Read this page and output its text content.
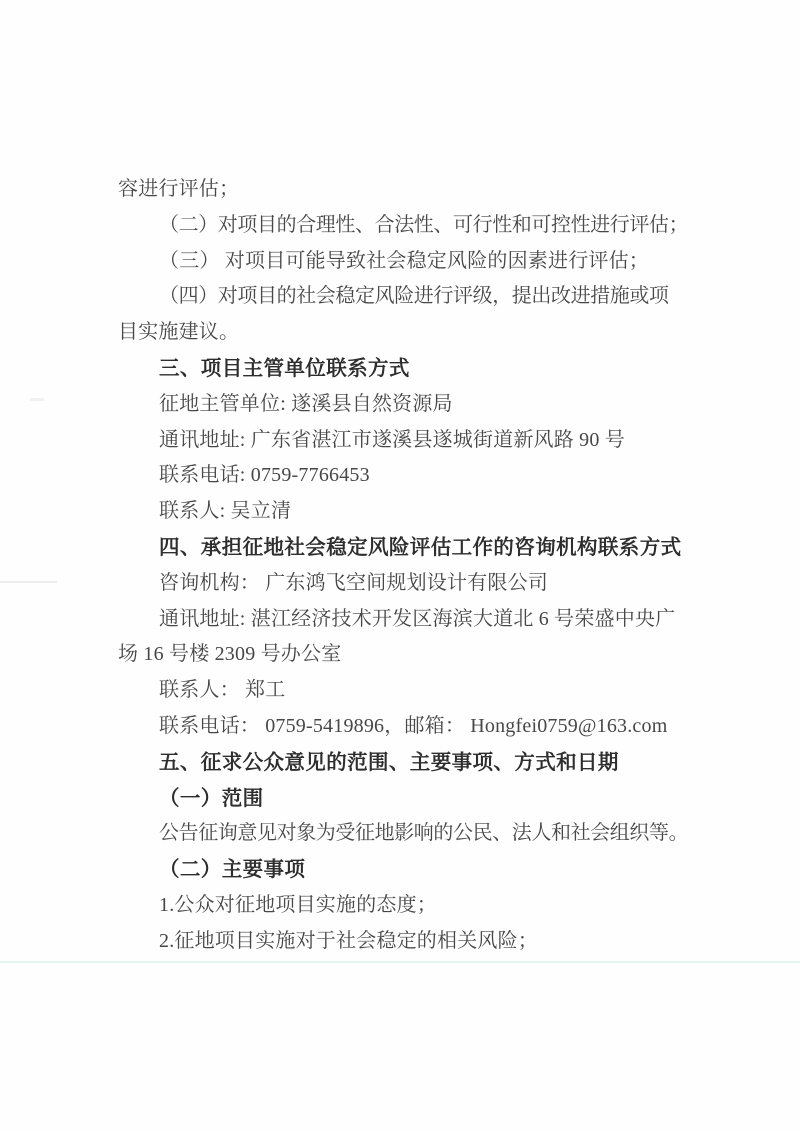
容进行评估；
（二）对项目的合理性、合法性、可行性和可控性进行评估；
（三） 对项目可能导致社会稳定风险的因素进行评估；
（四）对项目的社会稳定风险进行评级，提出改进措施或项
目实施建议。
三、项目主管单位联系方式
征地主管单位: 遂溪县自然资源局
通讯地址: 广东省湛江市遂溪县遂城街道新风路 90 号
联系电话: 0759-7766453
联系人: 吴立清
四、承担征地社会稳定风险评估工作的咨询机构联系方式
咨询机构： 广东鸿飞空间规划设计有限公司
通讯地址: 湛江经济技术开发区海滨大道北 6 号荣盛中央广
场 16 号楼 2309 号办公室
联系人： 郑工
联系电话： 0759-5419896，邮箱： Hongfei0759@163.com
五、征求公众意见的范围、主要事项、方式和日期
（一）范围
公告征询意见对象为受征地影响的公民、法人和社会组织等。
（二）主要事项
1.公众对征地项目实施的态度；
2.征地项目实施对于社会稳定的相关风险；
